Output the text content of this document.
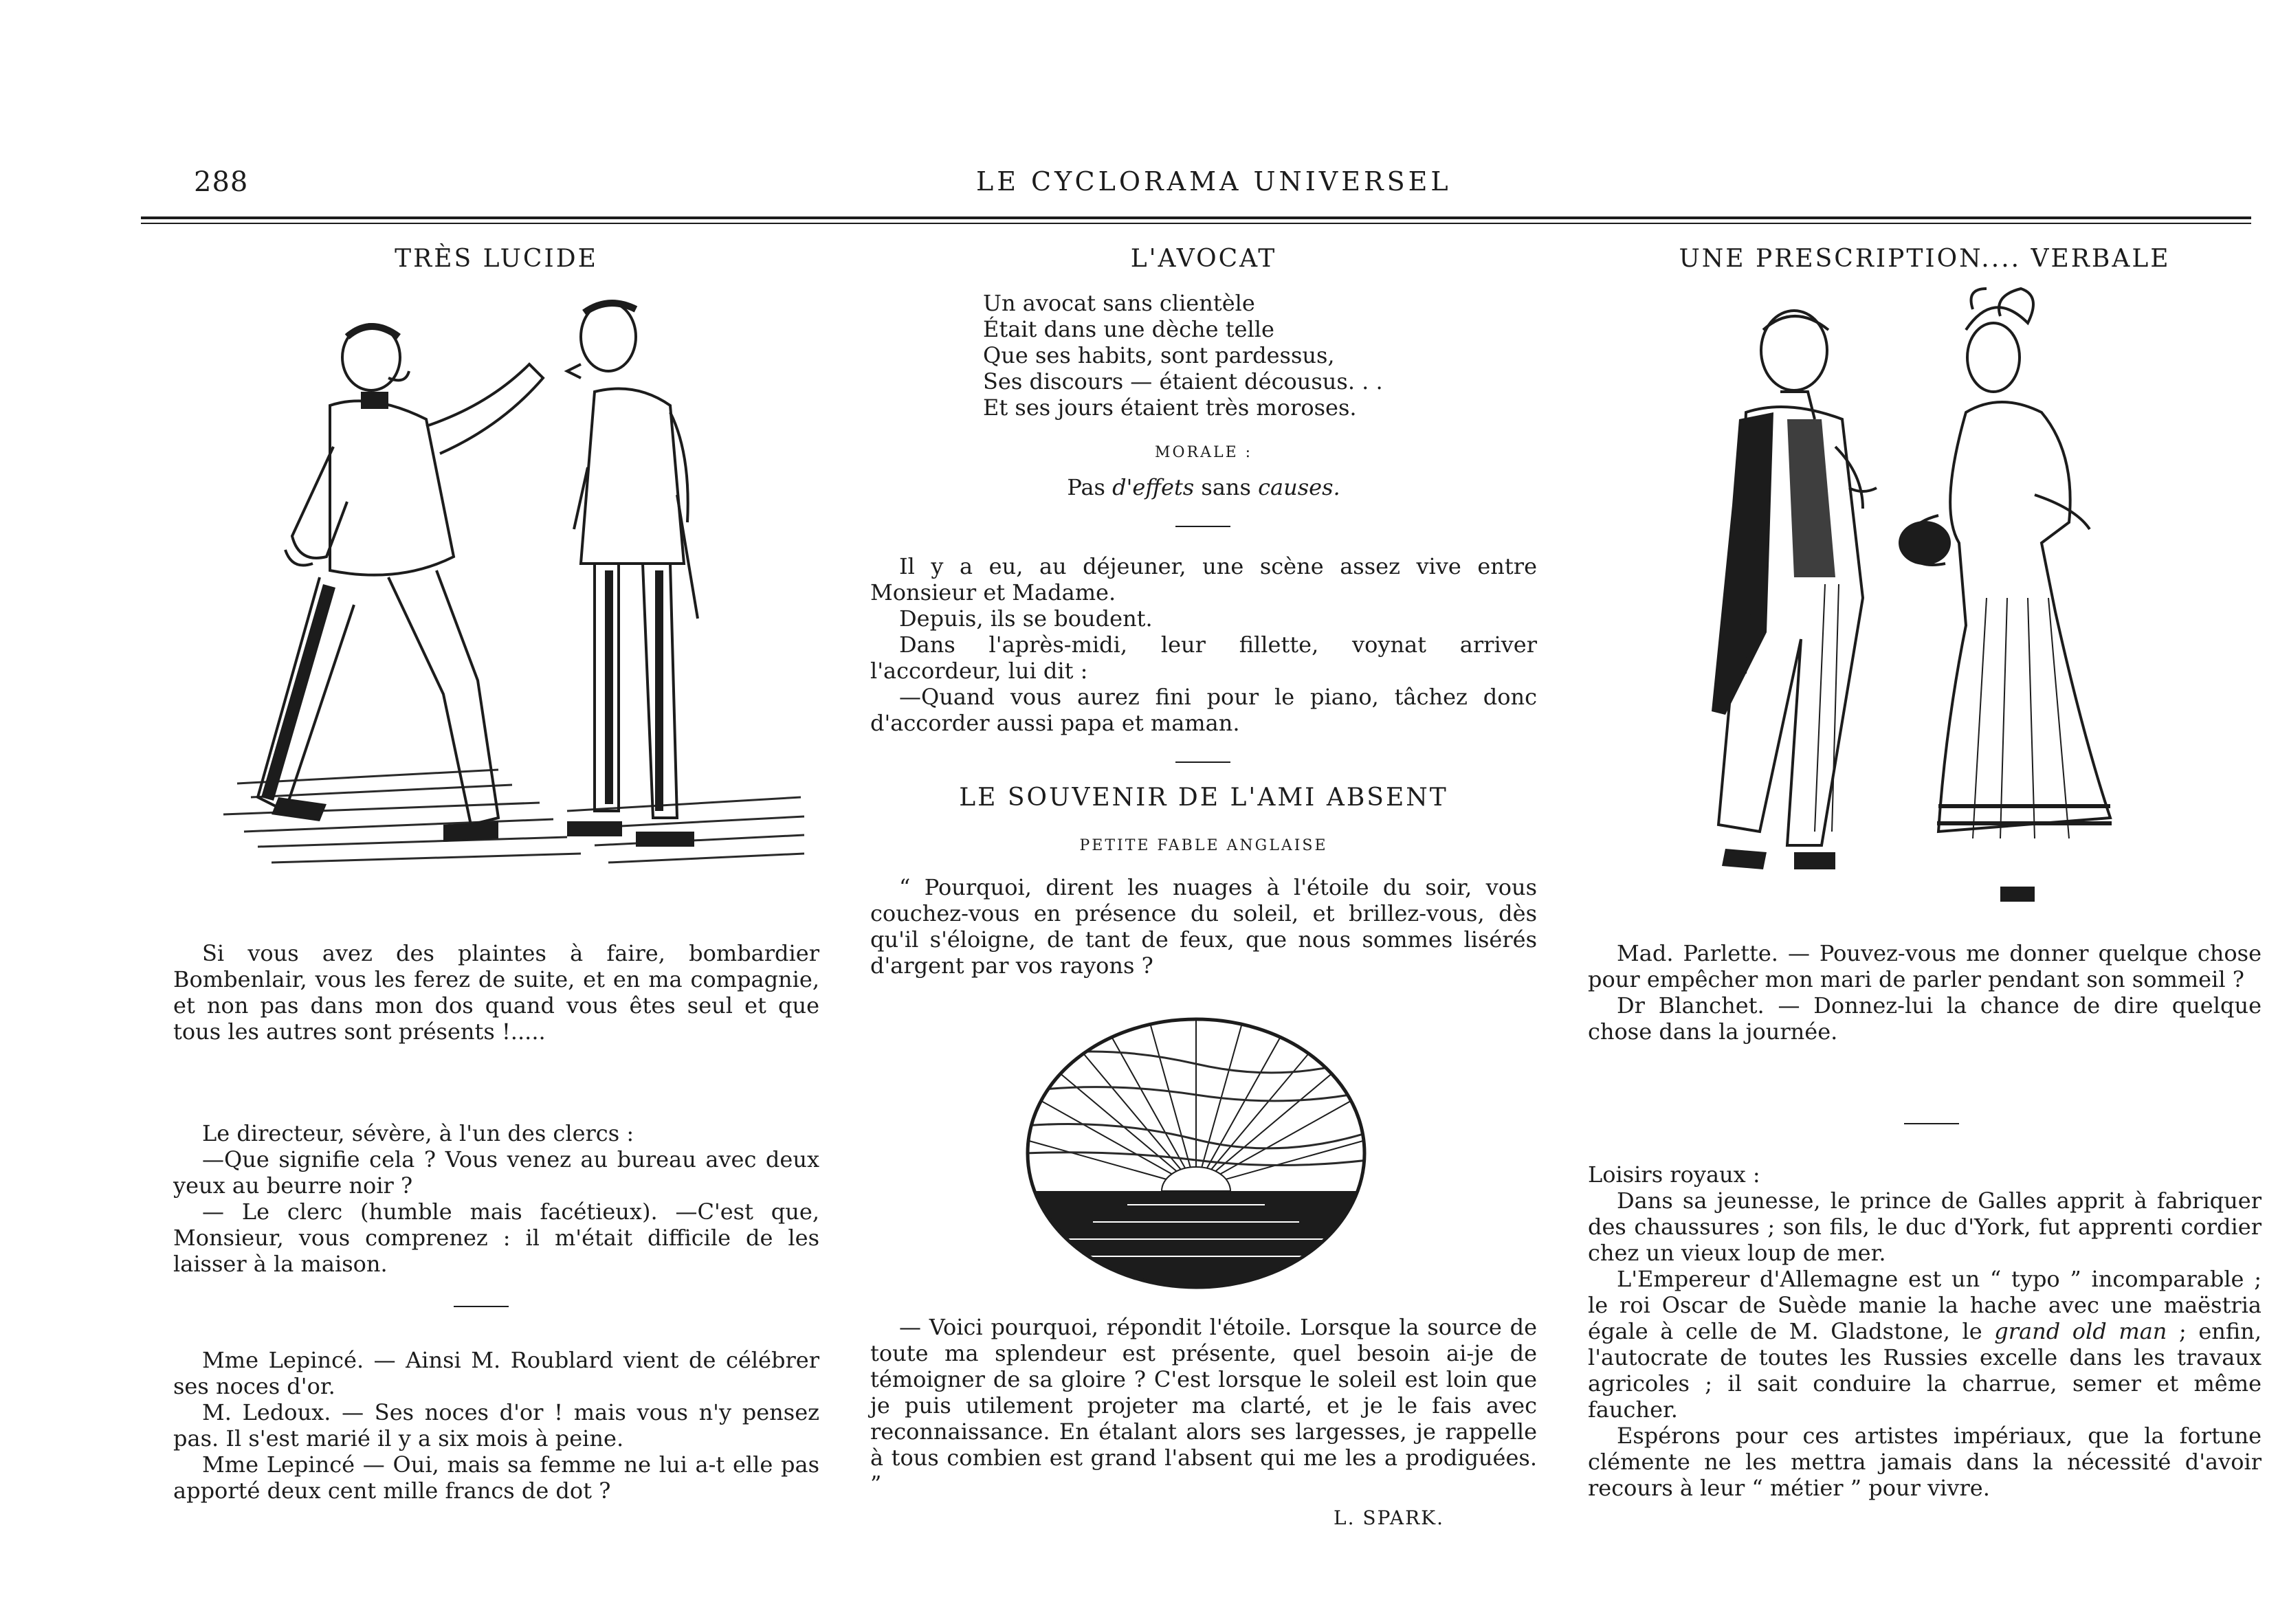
288	LE CYCLORAMA UNIVERSEL
TRÈS LUCIDE

Si vous avez des plaintes à faire, bombardier Bombenlair, vous les ferez de suite, et en ma compagnie, et non pas dans mon dos quand vous êtes seul et que tous les autres sont présents !.....

Le directeur, sévère, à l'un des clercs :

—Que signifie cela ? Vous venez au bureau avec deux yeux au beurre noir ?

— Le clerc (humble mais facétieux). —C'est que, Monsieur, vous comprenez : il m'était difficile de les laisser à la maison.

Mme Lepincé. — Ainsi M. Roublard vient de célébrer ses noces d'or.

M. Ledoux. — Ses noces d'or ! mais vous n'y pensez pas. Il s'est marié il y a six mois à peine.

Mme Lepincé — Oui, mais sa femme ne lui a-t elle pas apporté deux cent mille francs de dot ?

L'AVOCAT
Un avocat sans clientèle
Était dans une dèche telle
Que ses habits, sont pardessus,
Ses discours — étaient décousus. . .
Et ses jours étaient très moroses.
MORALE :
Pas d'effets sans causes.

Il y a eu, au déjeuner, une scène assez vive entre Monsieur et Madame.

Depuis, ils se boudent.

Dans l'après-midi, leur fillette, voynat arriver l'accordeur, lui dit :

—Quand vous aurez fini pour le piano, tâchez donc d'accorder aussi papa et maman.

LE SOUVENIR DE L'AMI ABSENT
PETITE FABLE ANGLAISE

“ Pourquoi, dirent les nuages à l'étoile du soir, vous couchez-vous en présence du soleil, et brillez-vous, dès qu'il s'éloigne, de tant de feux, que nous sommes lisérés d'argent par vos rayons ?

— Voici pourquoi, répondit l'étoile. Lorsque la source de toute ma splendeur est présente, quel besoin ai-je de témoigner de sa gloire ? C'est lorsque le soleil est loin que je puis utilement projeter ma clarté, et je le fais avec reconnaissance. En étalant alors ses largesses, je rappelle à tous combien est grand l'absent qui me les a prodiguées. ”

L. SPARK.
UNE PRESCRIPTION.... VERBALE

Mad. Parlette. — Pouvez-vous me donner quelque chose pour empêcher mon mari de parler pendant son sommeil ?

Dr Blanchet. — Donnez-lui la chance de dire quelque chose dans la journée.

Loisirs royaux :

Dans sa jeunesse, le prince de Galles apprit à fabriquer des chaussures ; son fils, le duc d'York, fut apprenti cordier chez un vieux loup de mer.

L'Empereur d'Allemagne est un “ typo ” incomparable ; le roi Oscar de Suède manie la hache avec une maëstria égale à celle de M. Gladstone, le grand old man ; enfin, l'autocrate de toutes les Russies excelle dans les travaux agricoles ; il sait conduire la charrue, semer et même faucher.

Espérons pour ces artistes impériaux, que la fortune clémente ne les mettra jamais dans la nécessité d'avoir recours à leur “ métier ” pour vivre.
